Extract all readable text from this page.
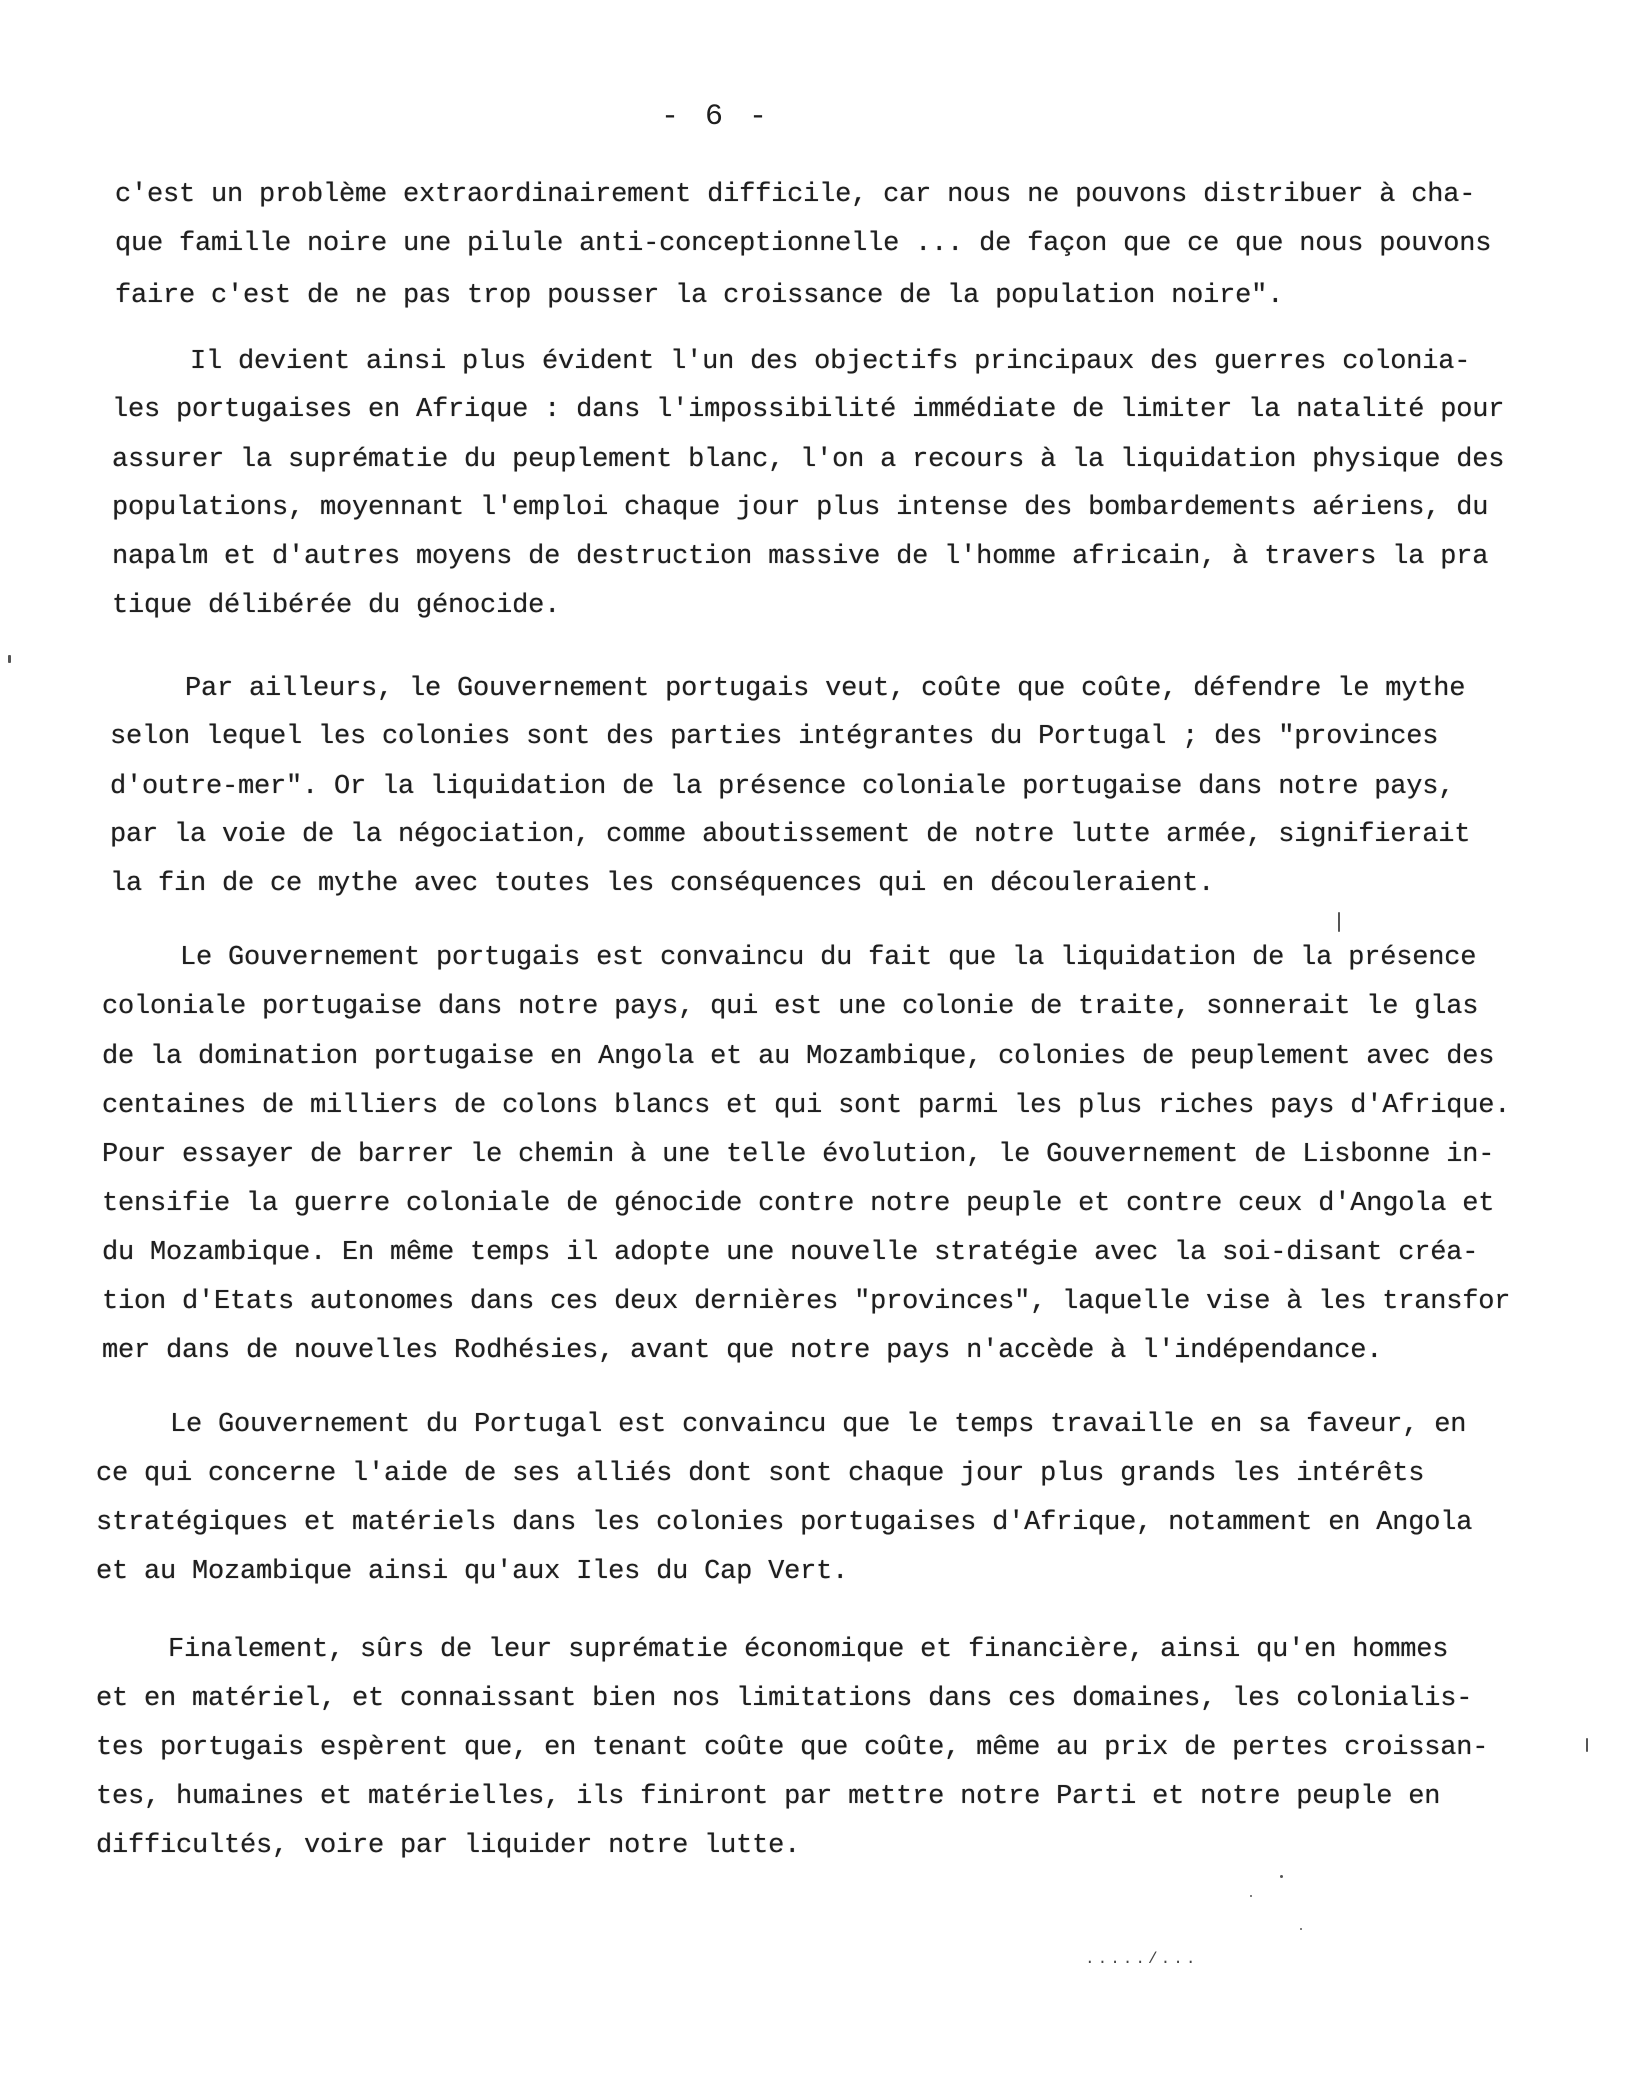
- 6 -
c'est un problème extraordinairement difficile, car nous ne pouvons distribuer à cha-
que famille noire une pilule anti-conceptionnelle ... de façon que ce que nous pouvons
faire c'est de ne pas trop pousser la croissance de la population noire".
Il devient ainsi plus évident l'un des objectifs principaux des guerres colonia-
les portugaises en Afrique : dans l'impossibilité immédiate de limiter la natalité pour
assurer la suprématie du peuplement blanc, l'on a recours à la liquidation physique des
populations, moyennant l'emploi chaque jour plus intense des bombardements aériens, du
napalm et d'autres moyens de destruction massive de l'homme africain, à travers la pra
tique délibérée du génocide.
Par ailleurs, le Gouvernement portugais veut, coûte que coûte, défendre le mythe
selon lequel les colonies sont des parties intégrantes du Portugal ; des "provinces
d'outre-mer". Or la liquidation de la présence coloniale portugaise dans notre pays,
par la voie de la négociation, comme aboutissement de notre lutte armée, signifierait
la fin de ce mythe avec toutes les conséquences qui en découleraient.
Le Gouvernement portugais est convaincu du fait que la liquidation de la présence
coloniale portugaise dans notre pays, qui est une colonie de traite, sonnerait le glas
de la domination portugaise en Angola et au Mozambique, colonies de peuplement avec des
centaines de milliers de colons blancs et qui sont parmi les plus riches pays d'Afrique.
Pour essayer de barrer le chemin à une telle évolution, le Gouvernement de Lisbonne in-
tensifie la guerre coloniale de génocide contre notre peuple et contre ceux d'Angola et
du Mozambique. En même temps il adopte une nouvelle stratégie avec la soi-disant créa-
tion d'Etats autonomes dans ces deux dernières "provinces", laquelle vise à les transfor
mer dans de nouvelles Rodhésies, avant que notre pays n'accède à l'indépendance.
Le Gouvernement du Portugal est convaincu que le temps travaille en sa faveur, en
ce qui concerne l'aide de ses alliés dont sont chaque jour plus grands les intérêts
stratégiques et matériels dans les colonies portugaises d'Afrique, notamment en Angola
et au Mozambique ainsi qu'aux Iles du Cap Vert.
Finalement, sûrs de leur suprématie économique et financière, ainsi qu'en hommes
et en matériel, et connaissant bien nos limitations dans ces domaines, les colonialis-
tes portugais espèrent que, en tenant coûte que coûte, même au prix de pertes croissan-
tes, humaines et matérielles, ils finiront par mettre notre Parti et notre peuple en
difficultés, voire par liquider notre lutte.
...../...
